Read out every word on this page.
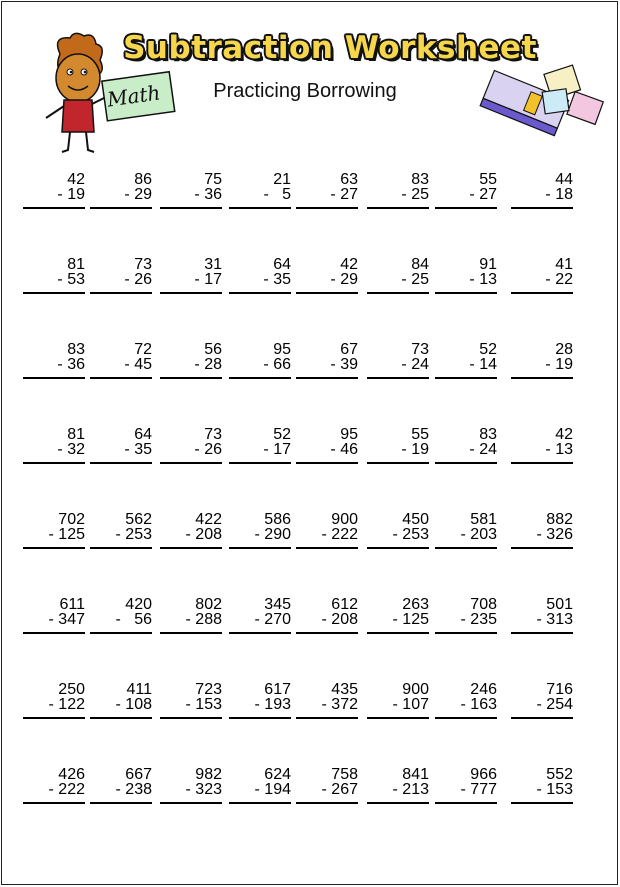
Math
Subtraction Worksheet
Practicing Borrowing
42
- 19
86
- 29
75
- 36
21
-   5
63
- 27
83
- 25
55
- 27
44
- 18
81
- 53
73
- 26
31
- 17
64
- 35
42
- 29
84
- 25
91
- 13
41
- 22
83
- 36
72
- 45
56
- 28
95
- 66
67
- 39
73
- 24
52
- 14
28
- 19
81
- 32
64
- 35
73
- 26
52
- 17
95
- 46
55
- 19
83
- 24
42
- 13
702
- 125
562
- 253
422
- 208
586
- 290
900
- 222
450
- 253
581
- 203
882
- 326
611
- 347
420
-   56
802
- 288
345
- 270
612
- 208
263
- 125
708
- 235
501
- 313
250
- 122
411
- 108
723
- 153
617
- 193
435
- 372
900
- 107
246
- 163
716
- 254
426
- 222
667
- 238
982
- 323
624
- 194
758
- 267
841
- 213
966
- 777
552
- 153
